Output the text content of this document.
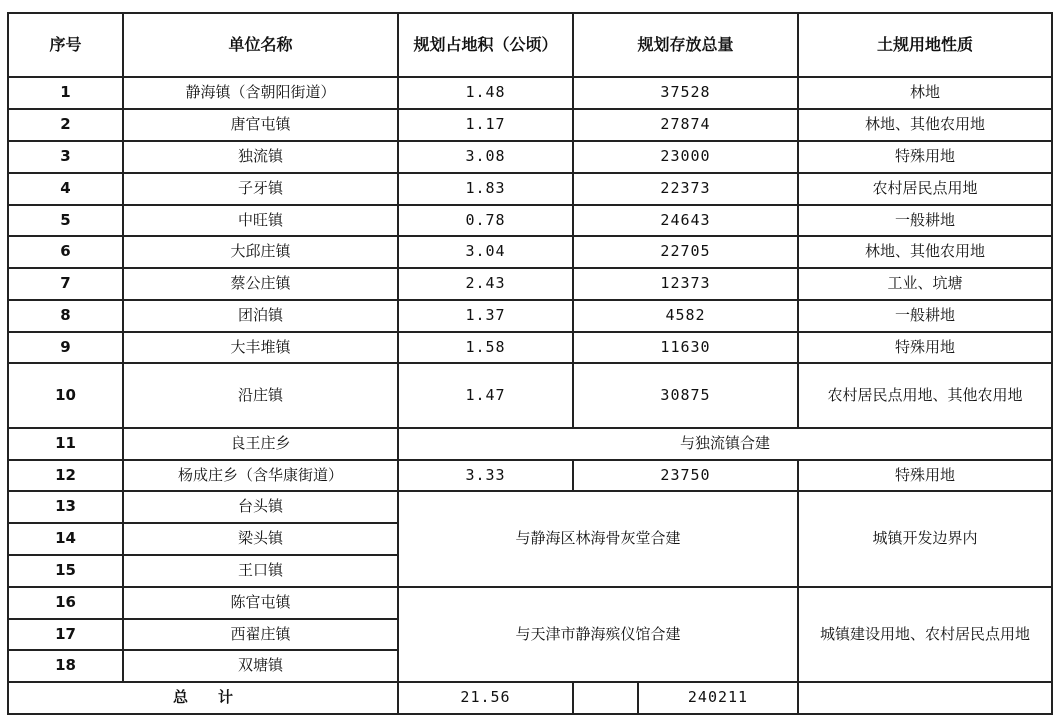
序号	单位名称	规划占地积（公顷）	规划存放总量		土规用地性质
1	静海镇（含朝阳街道）	1.48	37528		林地
2	唐官屯镇	1.17	27874		林地、其他农用地
3	独流镇	3.08	23000		特殊用地
4	子牙镇	1.83	22373		农村居民点用地
5	中旺镇	0.78	24643		一般耕地
6	大邱庄镇	3.04	22705		林地、其他农用地
7	蔡公庄镇	2.43	12373		工业、坑塘
8	团泊镇	1.37	4582		一般耕地
9	大丰堆镇	1.58	11630		特殊用地
10	沿庄镇	1.47	30875		农村居民点用地、其他农用地
11	良王庄乡	与独流镇合建			
12	杨成庄乡（含华康街道）	3.33	23750		特殊用地
13	台头镇	与静海区林海骨灰堂合建			城镇开发边界内
14	梁头镇				
15	王口镇				
16	陈官屯镇	与天津市静海殡仪馆合建			城镇建设用地、农村居民点用地
17	西翟庄镇				
18	双塘镇				
总计		21.56		240211	
